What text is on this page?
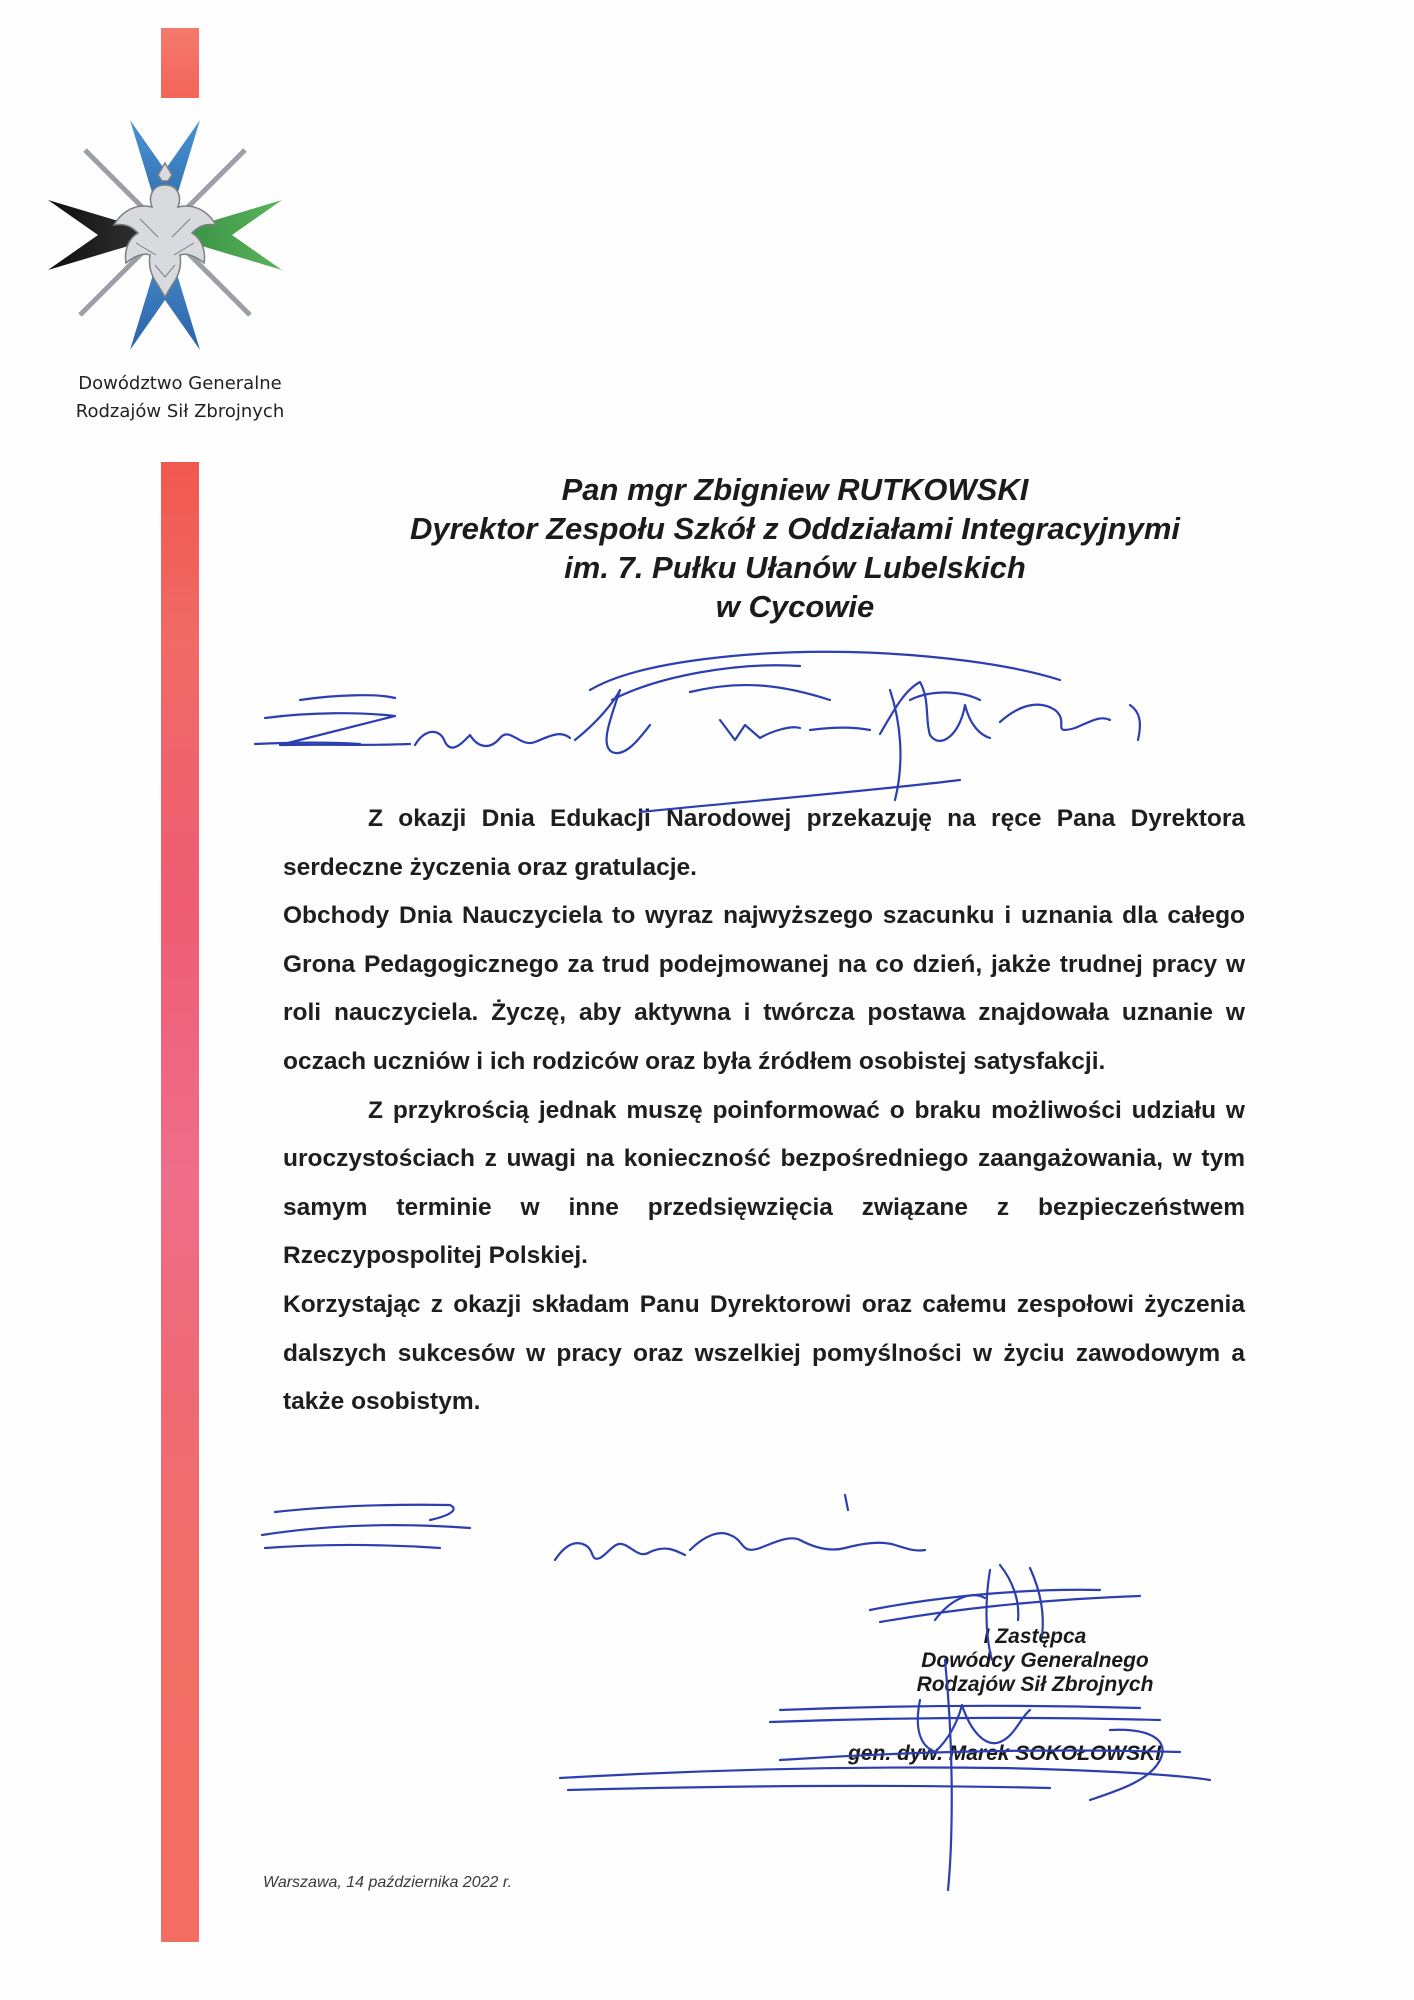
Dowództwo Generalne
Rodzajów Sił Zbrojnych
Pan mgr Zbigniew RUTKOWSKI
Dyrektor Zespołu Szkół z Oddziałami Integracyjnymi
im. 7. Pułku Ułanów Lubelskich
w Cycowie

Z okazji Dnia Edukacji Narodowej przekazuję na ręce Pana Dyrektora serdeczne życzenia oraz gratulacje.

Obchody Dnia Nauczyciela to wyraz najwyższego szacunku i uznania dla całego Grona Pedagogicznego za trud podejmowanej na co dzień, jakże trudnej pracy w roli nauczyciela. Życzę, aby aktywna i twórcza postawa znajdowała uznanie w oczach uczniów i ich rodziców oraz była źródłem osobistej satysfakcji.

Z przykrością jednak muszę poinformować o braku możliwości udziału w uroczystościach z uwagi na konieczność bezpośredniego zaangażowania, w tym samym terminie w inne przedsięwzięcia związane z bezpieczeństwem Rzeczypospolitej Polskiej.

Korzystając z okazji składam Panu Dyrektorowi oraz całemu zespołowi życzenia dalszych sukcesów w pracy oraz wszelkiej pomyślności w życiu zawodowym a także osobistym.

I Zastępca
Dowódcy Generalnego
Rodzajów Sił Zbrojnych
gen. dyw. Marek SOKOŁOWSKI
Warszawa, 14 października 2022 r.
